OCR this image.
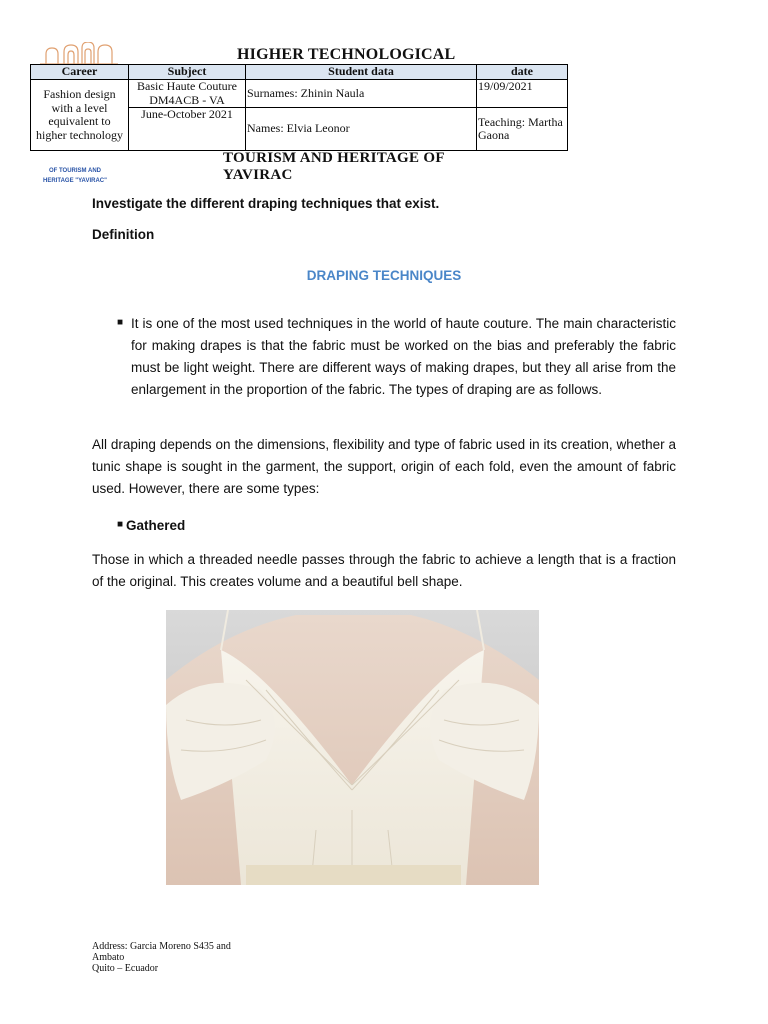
HIGHER TECHNOLOGICAL
Career	Subject	Student data	date
Fashion design with a level equivalent to higher technology	Basic Haute Couture DM4ACB - VA	Surnames: Zhinin Naula	19/09/2021
	June-October 2021	Names: Elvia Leonor	Teaching: Martha Gaona
TOURISM AND HERITAGE OF YAVIRAC
OF TOURISM AND
HERITAGE "YAVIRAC"
Investigate the different draping techniques that exist.
Definition
DRAPING TECHNIQUES
■ It is one of the most used techniques in the world of haute couture. The main characteristic for making drapes is that the fabric must be worked on the bias and preferably the fabric must be light weight. There are different ways of making drapes, but they all arise from the enlargement in the proportion of the fabric. The types of draping are as follows.
All draping depends on the dimensions, flexibility and type of fabric used in its creation, whether a tunic shape is sought in the garment, the support, origin of each fold, even the amount of fabric used. However, there are some types:
■ Gathered
Those in which a threaded needle passes through the fabric to achieve a length that is a fraction of the original. This creates volume and a beautiful bell shape.
Address: Garcia Moreno S435 and
Ambato
Quito – Ecuador
